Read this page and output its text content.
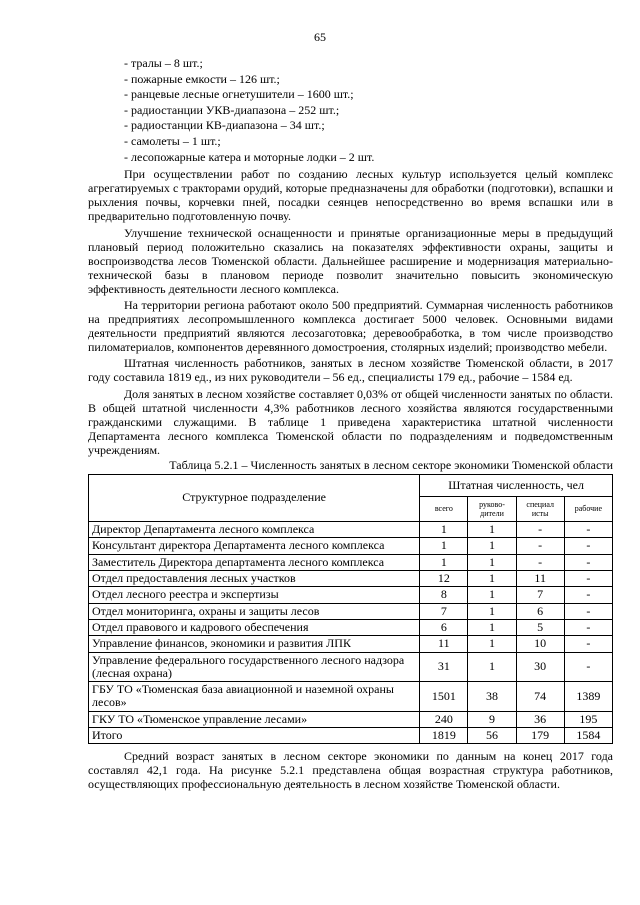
65
- тралы – 8 шт.;
- пожарные емкости – 126 шт.;
- ранцевые лесные огнетушители – 1600 шт.;
- радиостанции УКВ-диапазона – 252 шт.;
- радиостанции КВ-диапазона – 34 шт.;
- самолеты – 1 шт.;
- лесопожарные катера и моторные лодки – 2 шт.

При осуществлении работ по созданию лесных культур используется целый комплекс агрегатируемых с тракторами орудий, которые предназначены для обработки (подготовки), вспашки и рыхления почвы, корчевки пней, посадки сеянцев непосредственно во время вспашки или в предварительно подготовленную почву.

Улучшение технической оснащенности и принятые организационные меры в предыдущий плановый период положительно сказались на показателях эффективности охраны, защиты и воспроизводства лесов Тюменской области. Дальнейшее расширение и модернизация материально-технической базы в плановом периоде позволит значительно повысить экономическую эффективность деятельности лесного комплекса.

На территории региона работают около 500 предприятий. Суммарная численность работников на предприятиях лесопромышленного комплекса достигает 5000 человек. Основными видами деятельности предприятий являются лесозаготовка; деревообработка, в том числе производство пиломатериалов, компонентов деревянного домостроения, столярных изделий; производство мебели.

Штатная численность работников, занятых в лесном хозяйстве Тюменской области, в 2017 году составила 1819 ед., из них руководители – 56 ед., специалисты 179 ед., рабочие – 1584 ед.

Доля занятых в лесном хозяйстве составляет 0,03% от общей численности занятых по области. В общей штатной численности 4,3% работников лесного хозяйства являются государственными гражданскими служащими. В таблице 1 приведена характеристика штатной численности Департамента лесного комплекса Тюменской области по подразделениям и подведомственным учреждениям.

Таблица 5.2.1 – Численность занятых в лесном секторе экономики Тюменской области
Структурное подразделение	Штатная численность, чел			
	всего	руково-дители	специал исты	рабочие
Директор Департамента лесного комплекса	1	1	-	-
Консультант директора Департамента лесного комплекса	1	1	-	-
Заместитель Директора департамента лесного комплекса	1	1	-	-
Отдел предоставления лесных участков	12	1	11	-
Отдел лесного реестра и экспертизы	8	1	7	-
Отдел мониторинга, охраны и защиты лесов	7	1	6	-
Отдел правового и кадрового обеспечения	6	1	5	-
Управление финансов, экономики и развития ЛПК	11	1	10	-
Управление федерального государственного лесного надзора (лесная охрана)	31	1	30	-
ГБУ ТО «Тюменская база авиационной и наземной охраны лесов»	1501	38	74	1389
ГКУ ТО «Тюменское управление лесами»	240	9	36	195
Итого	1819	56	179	1584

Средний возраст занятых в лесном секторе экономики по данным на конец 2017 года составлял 42,1 года. На рисунке 5.2.1 представлена общая возрастная структура работников, осуществляющих профессиональную деятельность в лесном хозяйстве Тюменской области.
